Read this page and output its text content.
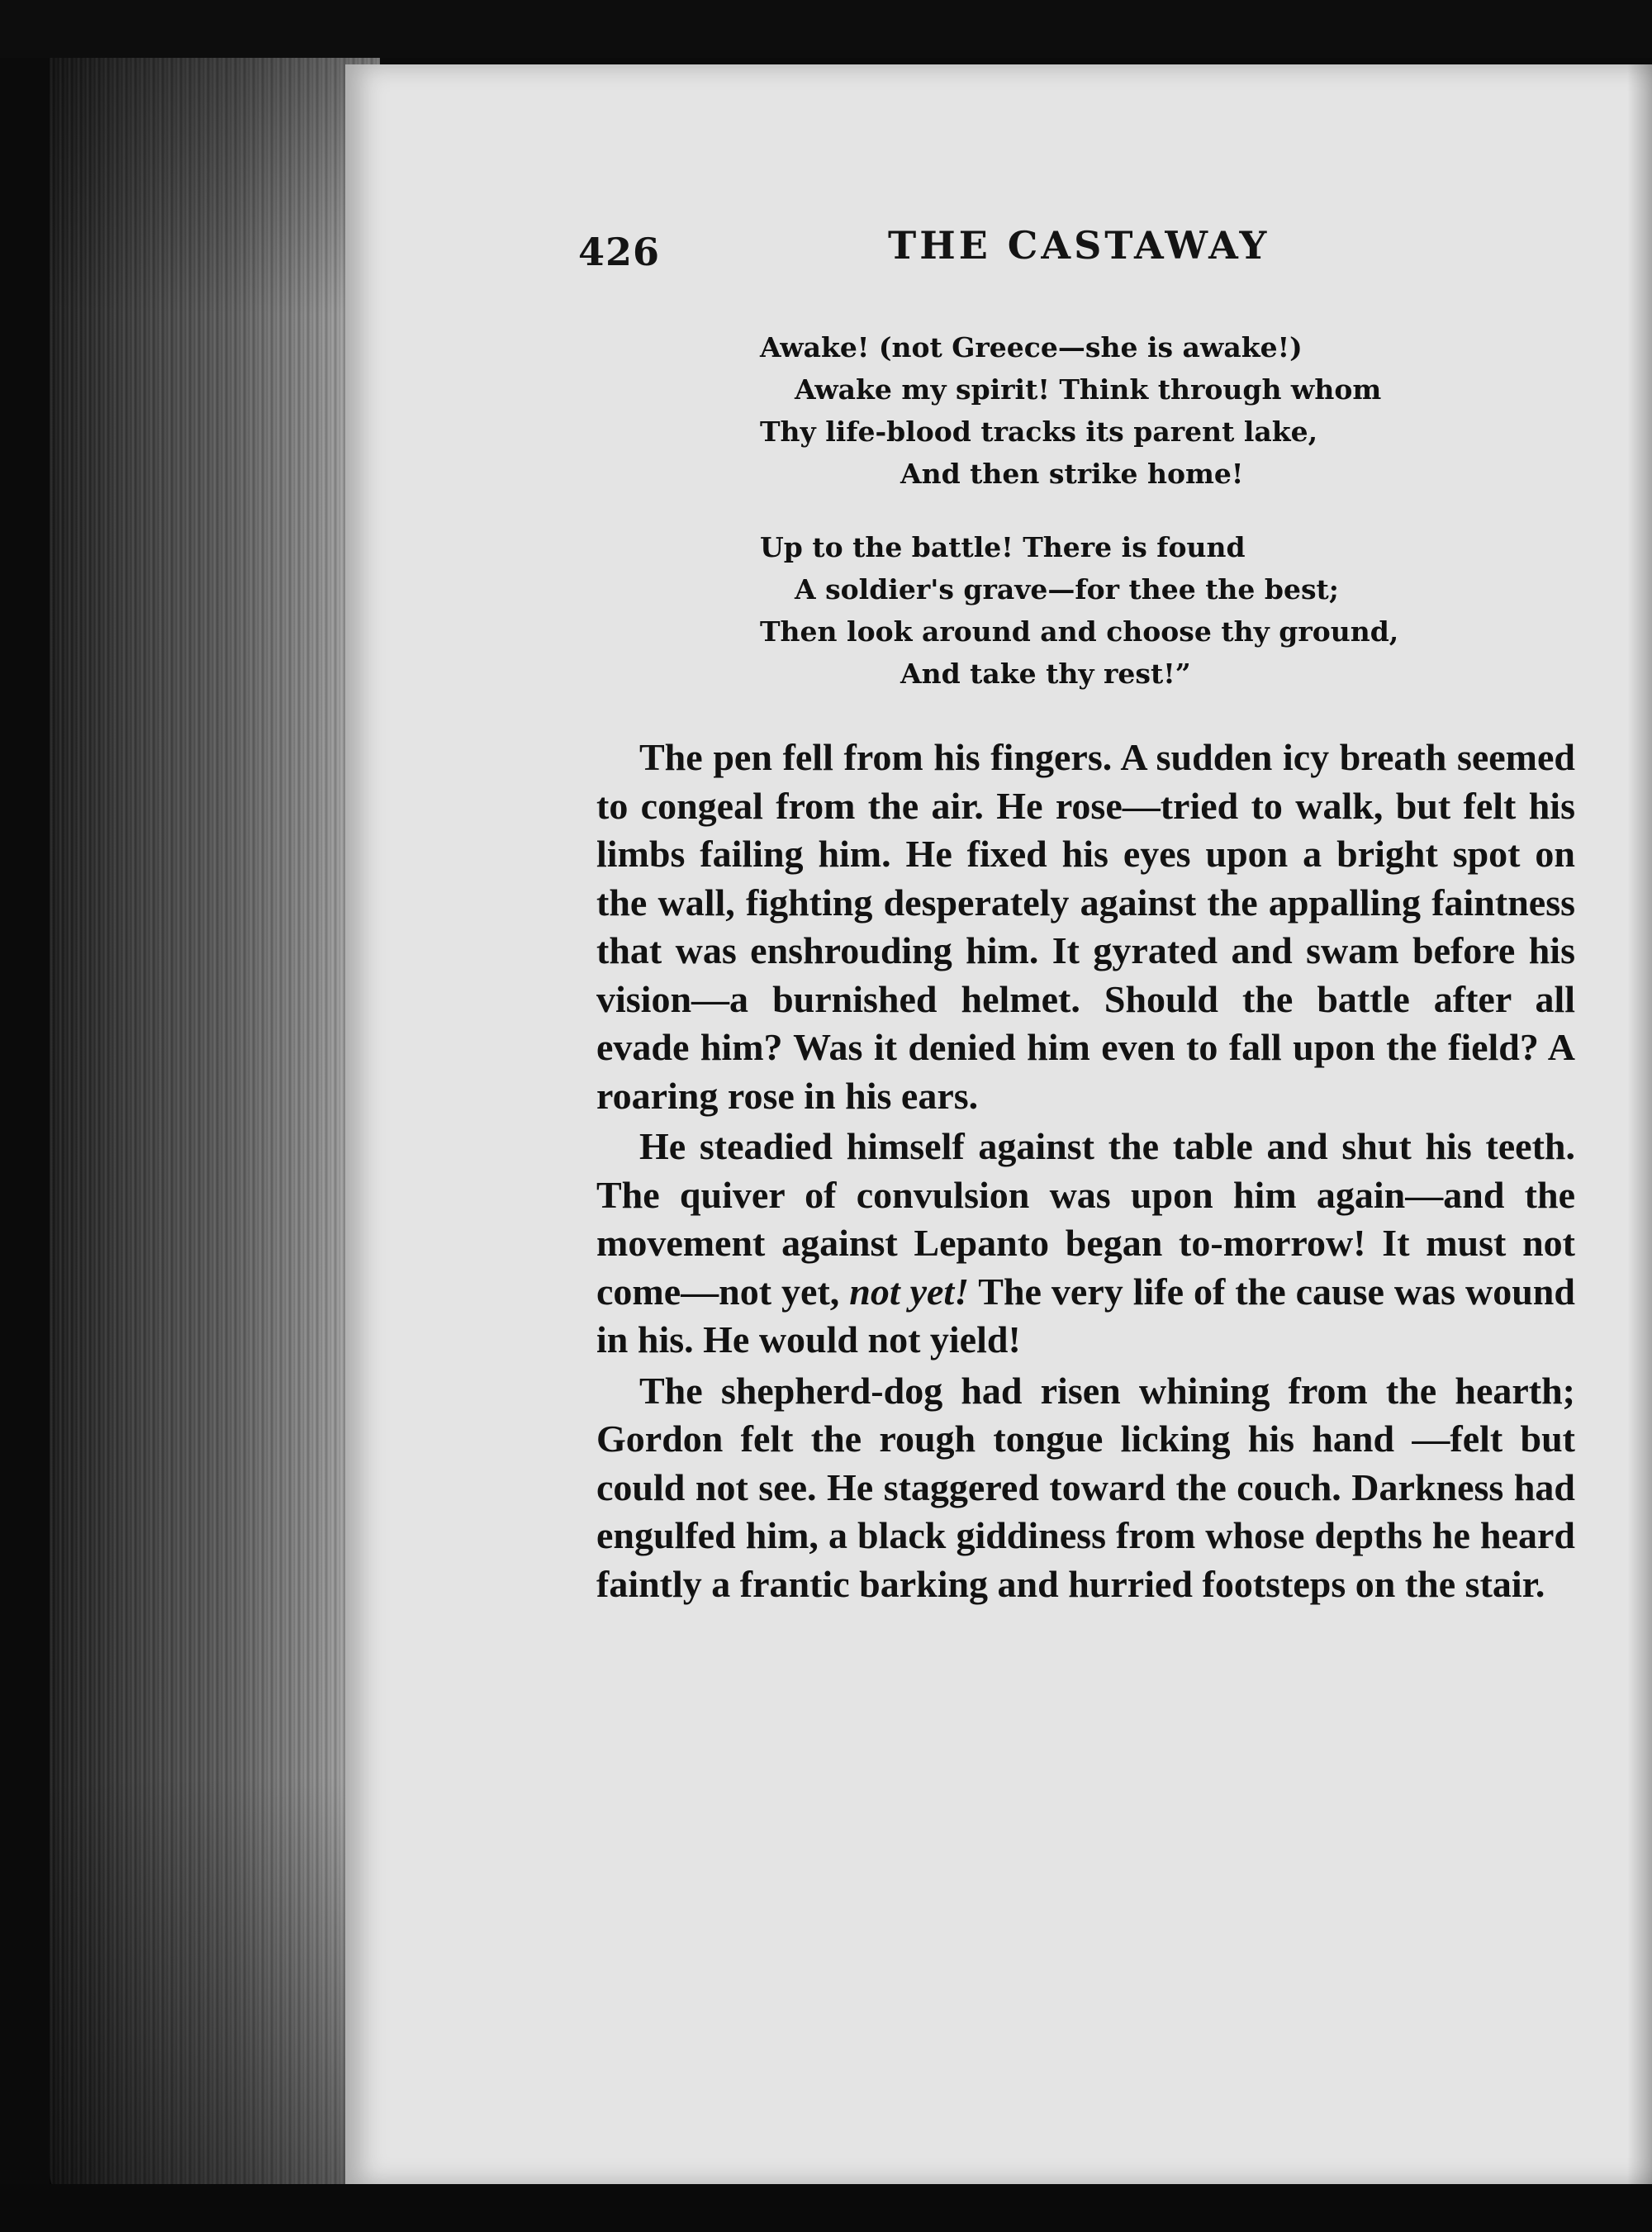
426	THE CASTAWAY
Awake! (not Greece—she is awake!)
Awake my spirit! Think through whom
Thy life-blood tracks its parent lake,
And then strike home!
Up to the battle! There is found
A soldier's grave—for thee the best;
Then look around and choose thy ground,
And take thy rest!”

The pen fell from his fingers. A sudden icy breath seemed to congeal from the air. He rose—tried to walk, but felt his limbs failing him. He fixed his eyes upon a bright spot on the wall, fighting desperately against the appalling faintness that was enshrouding him. It gyrated and swam before his vision—a burnished helmet. Should the battle after all evade him? Was it denied him even to fall upon the field? A roaring rose in his ears.

He steadied himself against the table and shut his teeth. The quiver of convulsion was upon him again—and the movement against Lepanto began to-morrow! It must not come—not yet, not yet! The very life of the cause was wound in his. He would not yield!

The shepherd-dog had risen whining from the hearth; Gordon felt the rough tongue licking his hand —felt but could not see. He staggered toward the couch. Darkness had engulfed him, a black giddiness from whose depths he heard faintly a frantic barking and hurried footsteps on the stair.
